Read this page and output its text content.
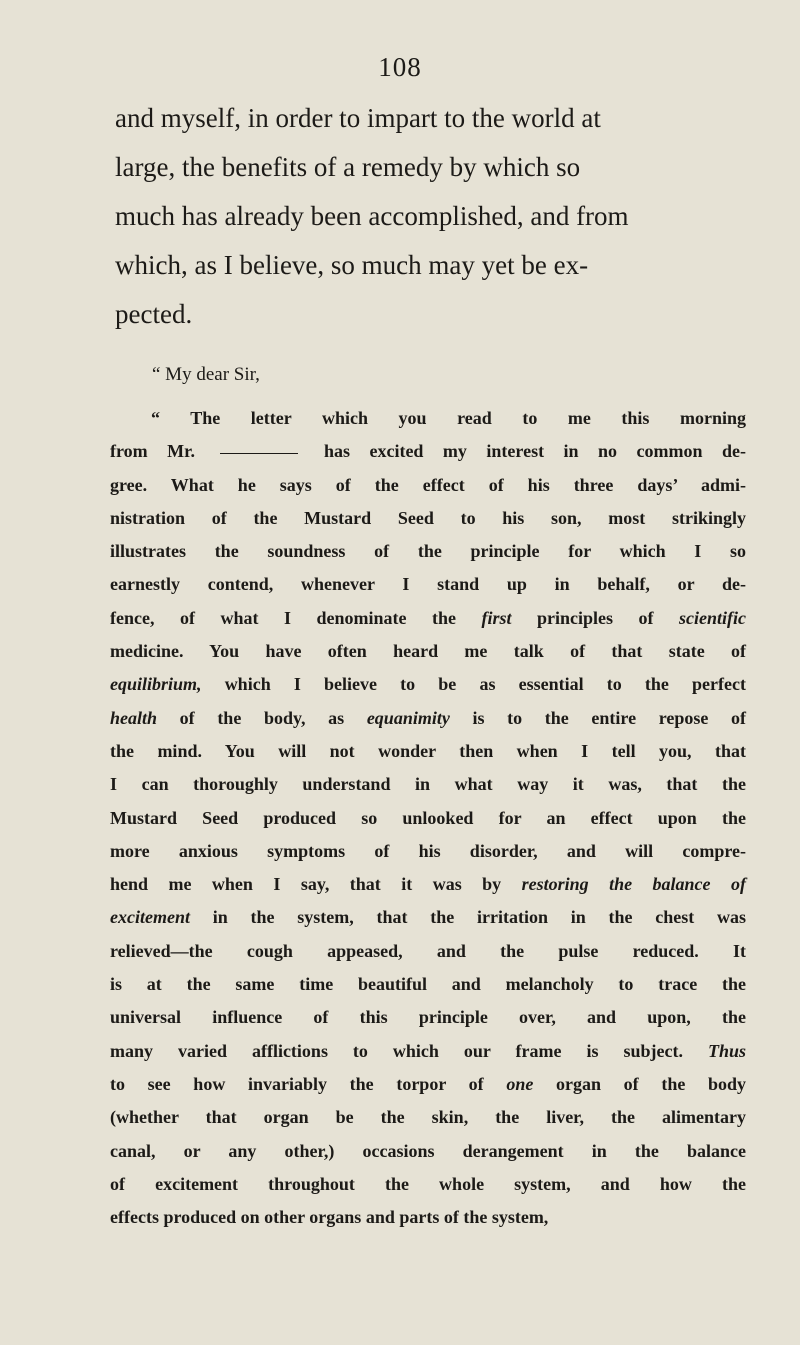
108
and myself, in order to impart to the world at
large, the benefits of a remedy by which so
much has already been accomplished, and from
which, as I believe, so much may yet be ex-
pected.
“ My dear Sir,
“ The letter which you read to me this morning
from Mr.	has excited my interest in no common de-
gree. What he says of the effect of his three days’ admi-
nistration of the Mustard Seed to his son, most strikingly
illustrates the soundness of the principle for which I so
earnestly contend, whenever I stand up in behalf, or de-
fence, of what I denominate the first principles of scientific
medicine. You have often heard me talk of that state of
equilibrium, which I believe to be as essential to the perfect
health of the body, as equanimity is to the entire repose of
the mind. You will not wonder then when I tell you, that
I can thoroughly understand in what way it was, that the
Mustard Seed produced so unlooked for an effect upon the
more anxious symptoms of his disorder, and will compre-
hend me when I say, that it was by restoring the balance of
excitement in the system, that the irritation in the chest was
relieved—the cough appeased, and the pulse reduced. It
is at the same time beautiful and melancholy to trace the
universal influence of this principle over, and upon, the
many varied afflictions to which our frame is subject. Thus
to see how invariably the torpor of one organ of the body
(whether that organ be the skin, the liver, the alimentary
canal, or any other,) occasions derangement in the balance
of excitement throughout the whole system, and how the
effects produced on other organs and parts of the system,
